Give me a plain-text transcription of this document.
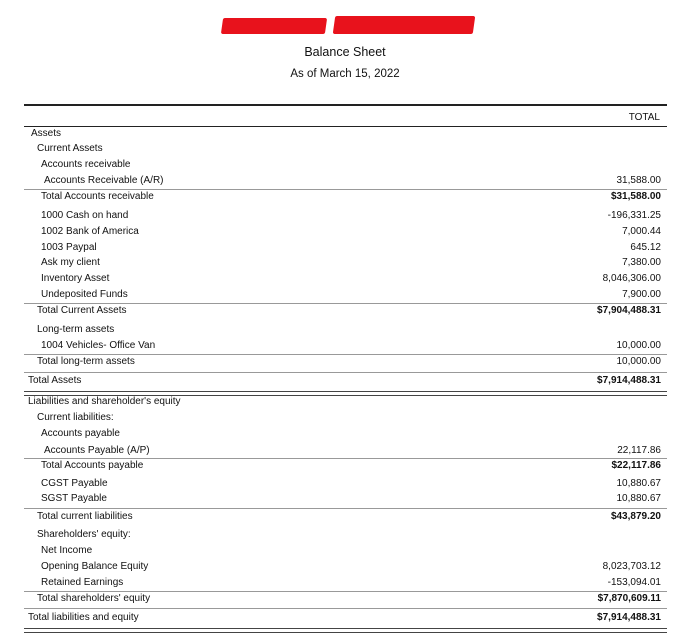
Balance Sheet
As of March 15, 2022
TOTAL
Assets
Current Assets
Accounts receivable
Accounts Receivable (A/R)	31,588.00
Total Accounts receivable	$31,588.00
1000 Cash on hand	-196,331.25
1002 Bank of America	7,000.44
1003 Paypal	645.12
Ask my client	7,380.00
Inventory Asset	8,046,306.00
Undeposited Funds	7,900.00
Total Current Assets	$7,904,488.31
Long-term assets
1004 Vehicles- Office Van	10,000.00
Total long-term assets	10,000.00
Total Assets	$7,914,488.31
Liabilities and shareholder's equity
Current liabilities:
Accounts payable
Accounts Payable (A/P)	22,117.86
Total Accounts payable	$22,117.86
CGST Payable	10,880.67
SGST Payable	10,880.67
Total current liabilities	$43,879.20
Shareholders' equity:
Net Income
Opening Balance Equity	8,023,703.12
Retained Earnings	-153,094.01
Total shareholders' equity	$7,870,609.11
Total liabilities and equity	$7,914,488.31
